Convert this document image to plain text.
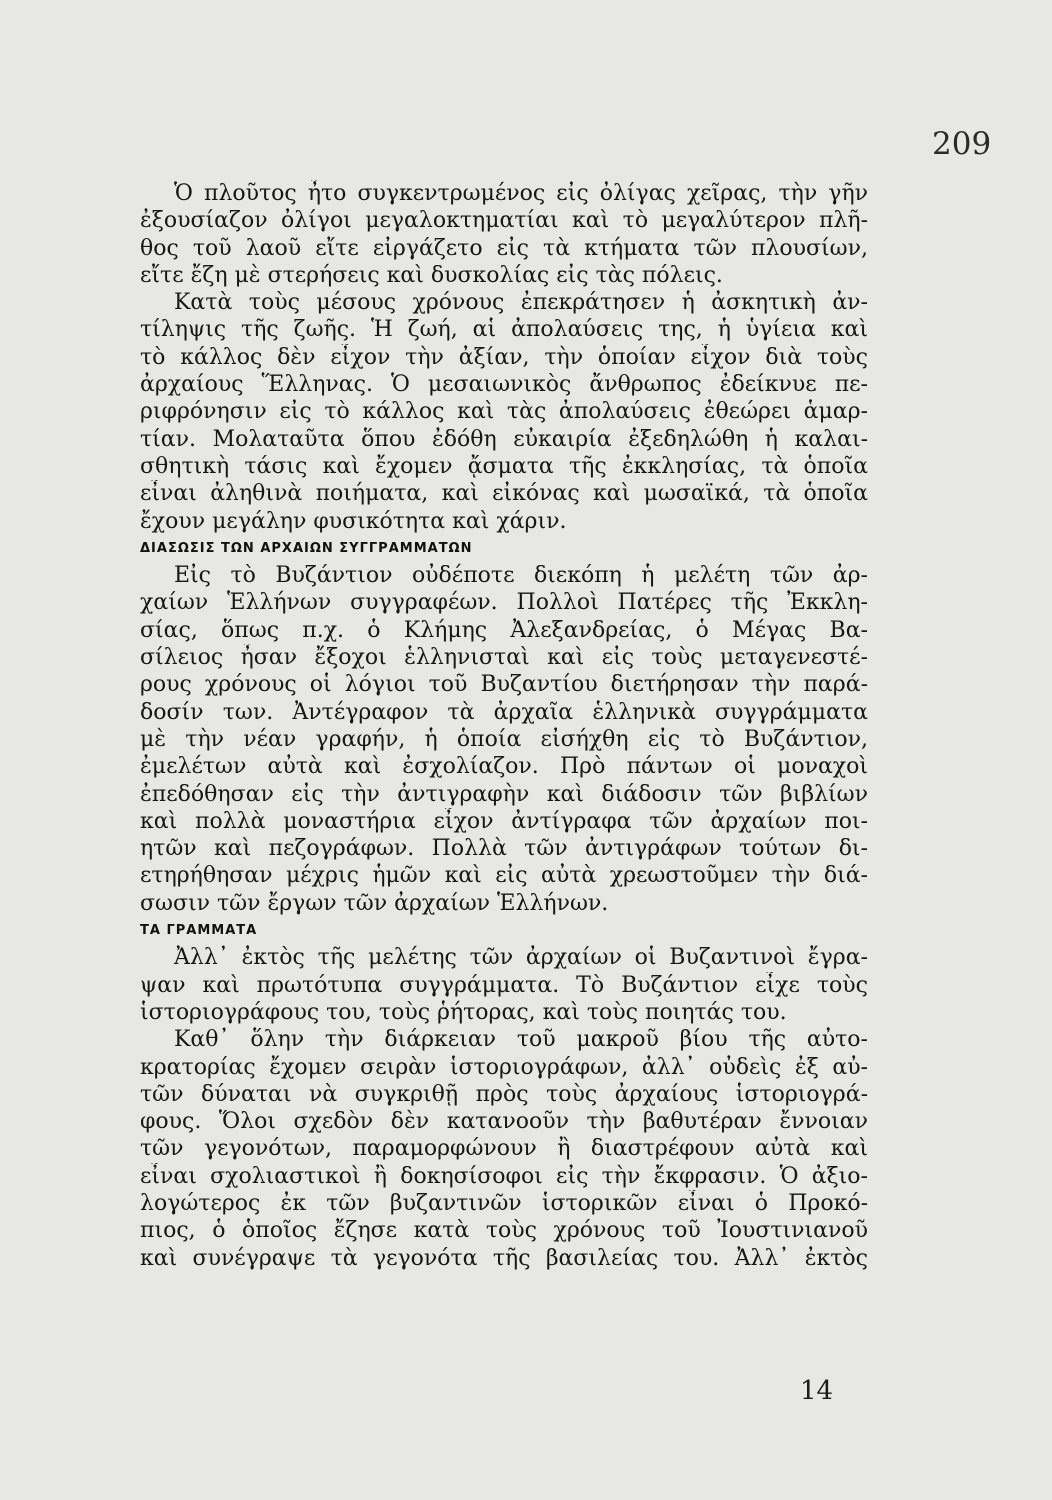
209
Ὁ πλοῦτος ἦτο συγκεντρωμένος εἰς ὀλίγας χεῖρας, τὴν γῆν
ἐξουσίαζον ὀλίγοι μεγαλοκτηματίαι καὶ τὸ μεγαλύτερον πλῆ-
θος τοῦ λαοῦ εἴτε εἰργάζετο εἰς τὰ κτήματα τῶν πλουσίων,
εἴτε ἔζη μὲ στερήσεις καὶ δυσκολίας εἰς τὰς πόλεις.
Κατὰ τοὺς μέσους χρόνους ἐπεκράτησεν ἡ ἀσκητικὴ ἀν-
τίληψις τῆς ζωῆς. Ἡ ζωή, αἱ ἀπολαύσεις της, ἡ ὑγίεια καὶ
τὸ κάλλος δὲν εἶχον τὴν ἀξίαν, τὴν ὁποίαν εἶχον διὰ τοὺς
ἀρχαίους Ἕλληνας. Ὁ μεσαιωνικὸς ἄνθρωπος ἐδείκνυε πε-
ριφρόνησιν εἰς τὸ κάλλος καὶ τὰς ἀπολαύσεις ἐθεώρει ἁμαρ-
τίαν. Μολαταῦτα ὅπου ἐδόθη εὐκαιρία ἐξεδηλώθη ἡ καλαι-
σθητικὴ τάσις καὶ ἔχομεν ᾄσματα τῆς ἐκκλησίας, τὰ ὁποῖα
εἶναι ἀληθινὰ ποιήματα, καὶ εἰκόνας καὶ μωσαϊκά, τὰ ὁποῖα
ἔχουν μεγάλην φυσικότητα καὶ χάριν.
ΔΙΑΣΩΣΙΣ ΤΩΝ ΑΡΧΑΙΩΝ ΣΥΓΓΡΑΜΜΑΤΩΝ
Εἰς τὸ Βυζάντιον οὐδέποτε διεκόπη ἡ μελέτη τῶν ἀρ-
χαίων Ἑλλήνων συγγραφέων. Πολλοὶ Πατέρες τῆς Ἐκκλη-
σίας, ὅπως π.χ. ὁ Κλήμης Ἀλεξανδρείας, ὁ Μέγας Βα-
σίλειος ἦσαν ἔξοχοι ἑλληνισταὶ καὶ εἰς τοὺς μεταγενεστέ-
ρους χρόνους οἱ λόγιοι τοῦ Βυζαντίου διετήρησαν τὴν παρά-
δοσίν των. Ἀντέγραφον τὰ ἀρχαῖα ἑλληνικὰ συγγράμματα
μὲ τὴν νέαν γραφήν, ἡ ὁποία εἰσήχθη εἰς τὸ Βυζάντιον,
ἐμελέτων αὐτὰ καὶ ἐσχολίαζον. Πρὸ πάντων οἱ μοναχοὶ
ἐπεδόθησαν εἰς τὴν ἀντιγραφὴν καὶ διάδοσιν τῶν βιβλίων
καὶ πολλὰ μοναστήρια εἶχον ἀντίγραφα τῶν ἀρχαίων ποι-
ητῶν καὶ πεζογράφων. Πολλὰ τῶν ἀντιγράφων τούτων δι-
ετηρήθησαν μέχρις ἡμῶν καὶ εἰς αὐτὰ χρεωστοῦμεν τὴν διά-
σωσιν τῶν ἔργων τῶν ἀρχαίων Ἑλλήνων.
ΤΑ ΓΡΑΜΜΑΤΑ
Ἀλλ᾽ ἐκτὸς τῆς μελέτης τῶν ἀρχαίων οἱ Βυζαντινοὶ ἔγρα-
ψαν καὶ πρωτότυπα συγγράμματα. Τὸ Βυζάντιον εἶχε τοὺς
ἱστοριογράφους του, τοὺς ῥήτορας, καὶ τοὺς ποιητάς του.
Καθ᾽ ὅλην τὴν διάρκειαν τοῦ μακροῦ βίου τῆς αὐτο-
κρατορίας ἔχομεν σειρὰν ἱστοριογράφων, ἀλλ᾽ οὐδεὶς ἐξ αὐ-
τῶν δύναται νὰ συγκριθῇ πρὸς τοὺς ἀρχαίους ἱστοριογρά-
φους. Ὅλοι σχεδὸν δὲν κατανοοῦν τὴν βαθυτέραν ἔννοιαν
τῶν γεγονότων, παραμορφώνουν ἢ διαστρέφουν αὐτὰ καὶ
εἶναι σχολιαστικοὶ ἢ δοκησίσοφοι εἰς τὴν ἔκφρασιν. Ὁ ἀξιο-
λογώτερος ἐκ τῶν βυζαντινῶν ἱστορικῶν εἶναι ὁ Προκό-
πιος, ὁ ὁποῖος ἔζησε κατὰ τοὺς χρόνους τοῦ Ἰουστινιανοῦ
καὶ συνέγραψε τὰ γεγονότα τῆς βασιλείας του. Ἀλλ᾽ ἐκτὸς
14
